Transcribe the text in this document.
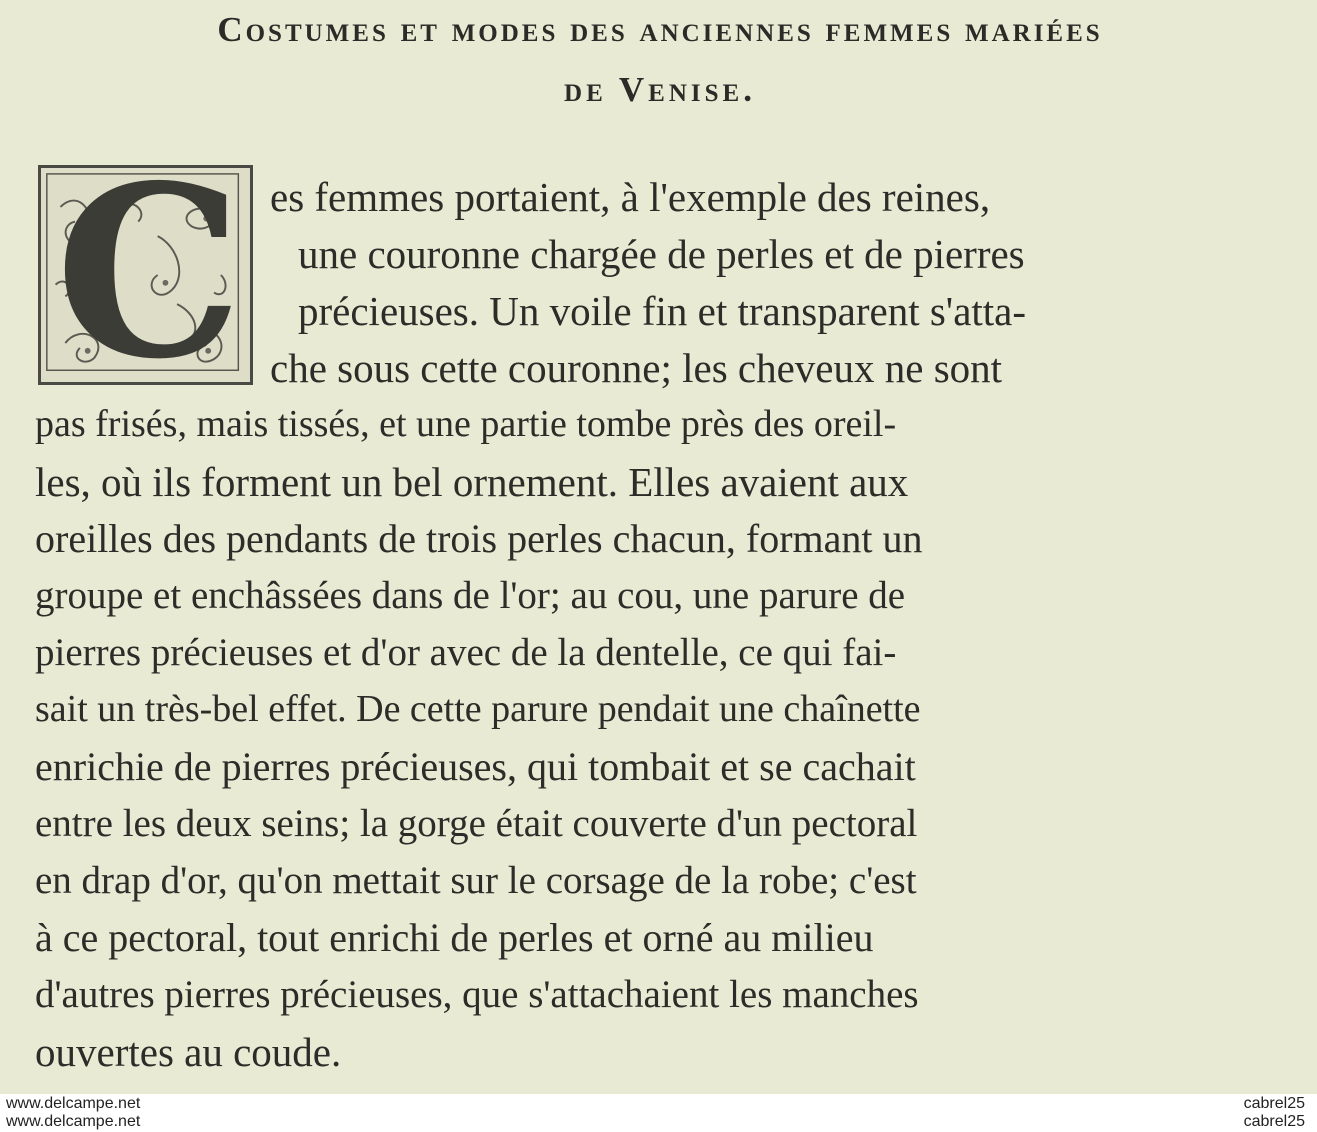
Costumes et modes des anciennes femmes mariées
de Venise.
C es femmes portaient, à l'exemple des reines,
une couronne chargée de perles et de pierres
précieuses. Un voile fin et transparent s'atta-
che sous cette couronne; les cheveux ne sont
pas frisés, mais tissés, et une partie tombe près des oreil-
les, où ils forment un bel ornement. Elles avaient aux
oreilles des pendants de trois perles chacun, formant un
groupe et enchâssées dans de l'or; au cou, une parure de
pierres précieuses et d'or avec de la dentelle, ce qui fai-
sait un très-bel effet. De cette parure pendait une chaînette
enrichie de pierres précieuses, qui tombait et se cachait
entre les deux seins; la gorge était couverte d'un pectoral
en drap d'or, qu'on mettait sur le corsage de la robe; c'est
à ce pectoral, tout enrichi de perles et orné au milieu
d'autres pierres précieuses, que s'attachaient les manches
ouvertes au coude.
www.delcampe.net
www.delcampe.net
cabrel25
cabrel25
